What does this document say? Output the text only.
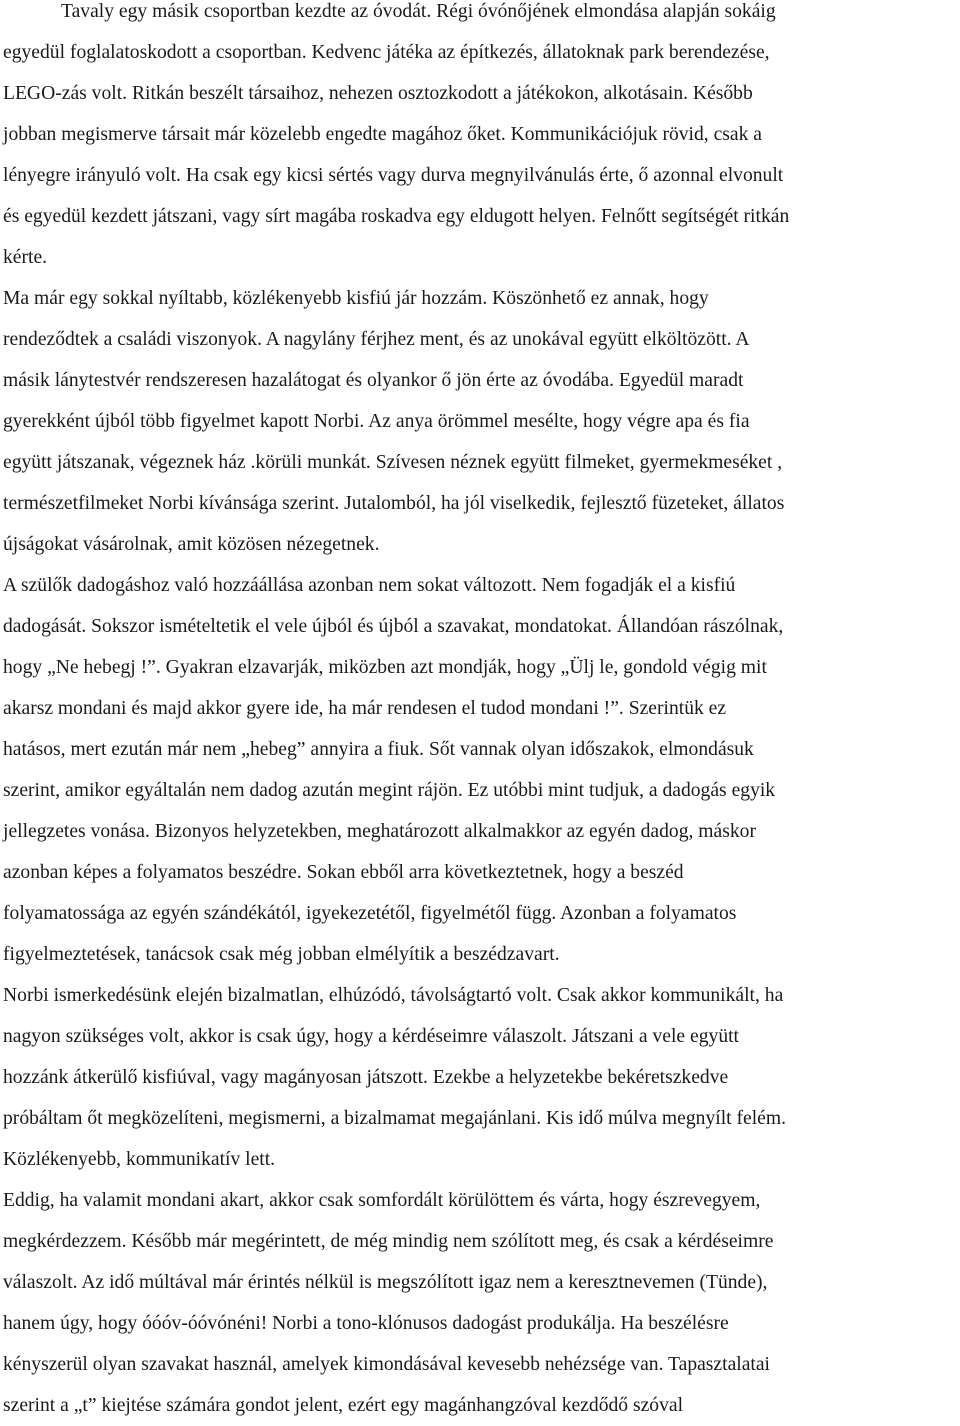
Tavaly egy másik csoportban kezdte az óvodát. Régi óvónőjének elmondása alapján sokáig
egyedül foglalatoskodott a csoportban. Kedvenc játéka az építkezés, állatoknak park berendezése,
LEGO-zás volt. Ritkán beszélt társaihoz, nehezen osztozkodott a játékokon, alkotásain. Később
jobban megismerve társait már közelebb engedte magához őket. Kommunikációjuk rövid, csak a
lényegre irányuló volt. Ha csak egy kicsi sértés vagy durva megnyilvánulás érte, ő azonnal elvonult
és egyedül kezdett játszani, vagy sírt magába roskadva egy eldugott helyen. Felnőtt segítségét ritkán
kérte.
Ma már egy sokkal nyíltabb, közlékenyebb kisfiú jár hozzám. Köszönhető ez annak, hogy
rendeződtek a családi viszonyok. A nagylány férjhez ment, és az unokával együtt elköltözött. A
másik lánytestvér rendszeresen hazalátogat és olyankor ő jön érte az óvodába. Egyedül maradt
gyerekként újból több figyelmet kapott Norbi. Az anya örömmel mesélte, hogy végre apa és fia
együtt játszanak, végeznek ház .körüli munkát. Szívesen néznek együtt filmeket, gyermekmeséket ,
természetfilmeket Norbi kívánsága szerint. Jutalomból, ha jól viselkedik, fejlesztő füzeteket, állatos
újságokat vásárolnak, amit közösen nézegetnek.
A szülők dadogáshoz való hozzáállása azonban nem sokat változott. Nem fogadják el a kisfiú
dadogását. Sokszor ismételtetik el vele újból és újból a szavakat, mondatokat. Állandóan rászólnak,
hogy „Ne hebegj !”. Gyakran elzavarják, miközben azt mondják, hogy „Ülj le, gondold végig mit
akarsz mondani és majd akkor gyere ide, ha már rendesen el tudod mondani !”. Szerintük ez
hatásos, mert ezután már nem „hebeg” annyira a fiuk. Sőt vannak olyan időszakok, elmondásuk
szerint, amikor egyáltalán nem dadog azután megint rájön. Ez utóbbi mint tudjuk, a dadogás egyik
jellegzetes vonása. Bizonyos helyzetekben, meghatározott alkalmakkor az egyén dadog, máskor
azonban képes a folyamatos beszédre. Sokan ebből arra következtetnek, hogy a beszéd
folyamatossága az egyén szándékától, igyekezetétől, figyelmétől függ. Azonban a folyamatos
figyelmeztetések, tanácsok csak még jobban elmélyítik a beszédzavart.
Norbi ismerkedésünk elején bizalmatlan, elhúzódó, távolságtartó volt. Csak akkor kommunikált, ha
nagyon szükséges volt, akkor is csak úgy, hogy a kérdéseimre válaszolt. Játszani a vele együtt
hozzánk átkerülő kisfiúval, vagy magányosan játszott. Ezekbe a helyzetekbe bekéretszkedve
próbáltam őt megközelíteni, megismerni, a bizalmamat megajánlani. Kis idő múlva megnyílt felém.
Közlékenyebb, kommunikatív lett.
Eddig, ha valamit mondani akart, akkor csak somfordált körülöttem és várta, hogy észrevegyem,
megkérdezzem. Később már megérintett, de még mindig nem szólított meg, és csak a kérdéseimre
válaszolt. Az idő múltával már érintés nélkül is megszólított igaz nem a keresztnevemen (Tünde),
hanem úgy, hogy óóóv-óóvónéni! Norbi a tono-klónusos dadogást produkálja. Ha beszélésre
kényszerül olyan szavakat használ, amelyek kimondásával kevesebb nehézsége van. Tapasztalatai
szerint a „t” kiejtése számára gondot jelent, ezért egy magánhangzóval kezdődő szóval
